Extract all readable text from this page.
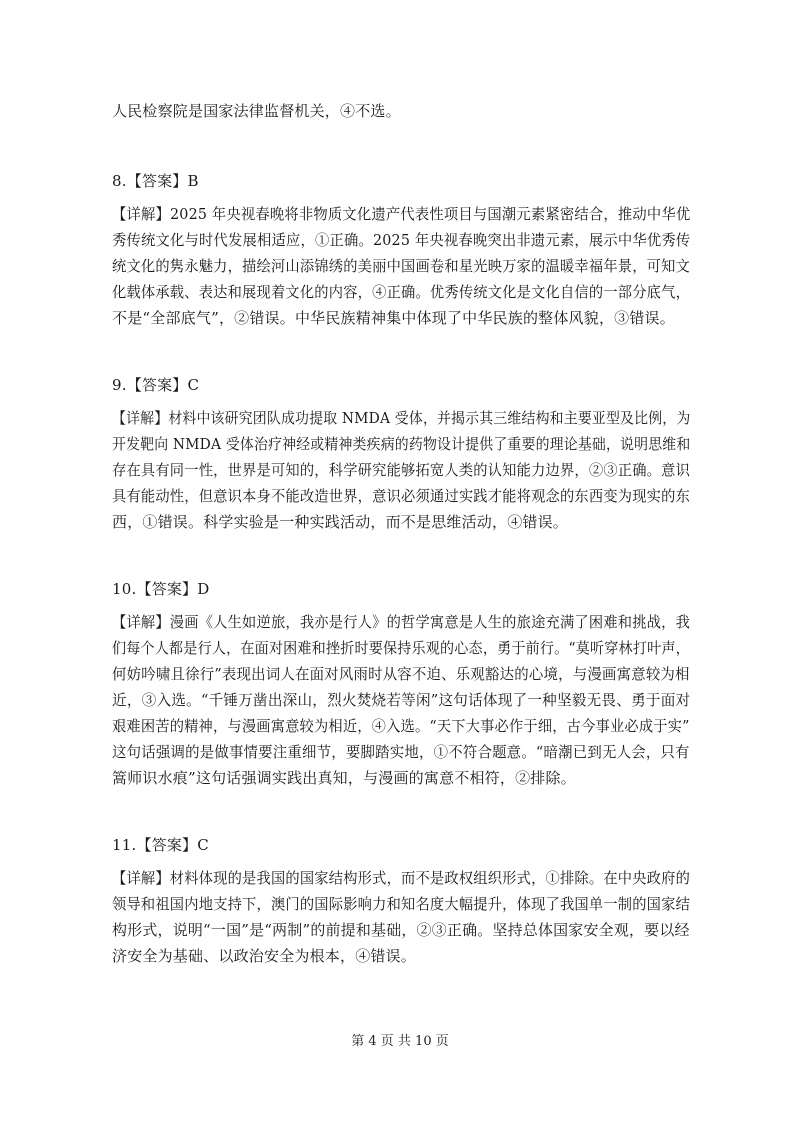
人民检察院是国家法律监督机关，④不选。
8.【答案】B
【详解】2025 年央视春晚将非物质文化遗产代表性项目与国潮元素紧密结合，推动中华优
秀传统文化与时代发展相适应，①正确。2025 年央视春晚突出非遗元素，展示中华优秀传
统文化的隽永魅力，描绘河山添锦绣的美丽中国画卷和星光映万家的温暖幸福年景，可知文
化载体承载、表达和展现着文化的内容，④正确。优秀传统文化是文化自信的一部分底气，
不是“全部底气”，②错误。中华民族精神集中体现了中华民族的整体风貌，③错误。
9.【答案】C
【详解】材料中该研究团队成功提取 NMDA 受体，并揭示其三维结构和主要亚型及比例，为
开发靶向 NMDA 受体治疗神经或精神类疾病的药物设计提供了重要的理论基础，说明思维和
存在具有同一性，世界是可知的，科学研究能够拓宽人类的认知能力边界，②③正确。意识
具有能动性，但意识本身不能改造世界，意识必须通过实践才能将观念的东西变为现实的东
西，①错误。科学实验是一种实践活动，而不是思维活动，④错误。
10.【答案】D
【详解】漫画《人生如逆旅，我亦是行人》的哲学寓意是人生的旅途充满了困难和挑战，我
们每个人都是行人，在面对困难和挫折时要保持乐观的心态，勇于前行。“莫听穿林打叶声，
何妨吟啸且徐行”表现出词人在面对风雨时从容不迫、乐观豁达的心境，与漫画寓意较为相
近，③入选。“千锤万凿出深山，烈火焚烧若等闲”这句话体现了一种坚毅无畏、勇于面对
艰难困苦的精神，与漫画寓意较为相近，④入选。“天下大事必作于细，古今事业必成于实”
这句话强调的是做事情要注重细节，要脚踏实地，①不符合题意。“暗潮已到无人会，只有
篙师识水痕”这句话强调实践出真知，与漫画的寓意不相符，②排除。
11.【答案】C
【详解】材料体现的是我国的国家结构形式，而不是政权组织形式，①排除。在中央政府的
领导和祖国内地支持下，澳门的国际影响力和知名度大幅提升，体现了我国单一制的国家结
构形式，说明“一国”是“两制”的前提和基础，②③正确。坚持总体国家安全观，要以经
济安全为基础、以政治安全为根本，④错误。
第 4 页 共 10 页
